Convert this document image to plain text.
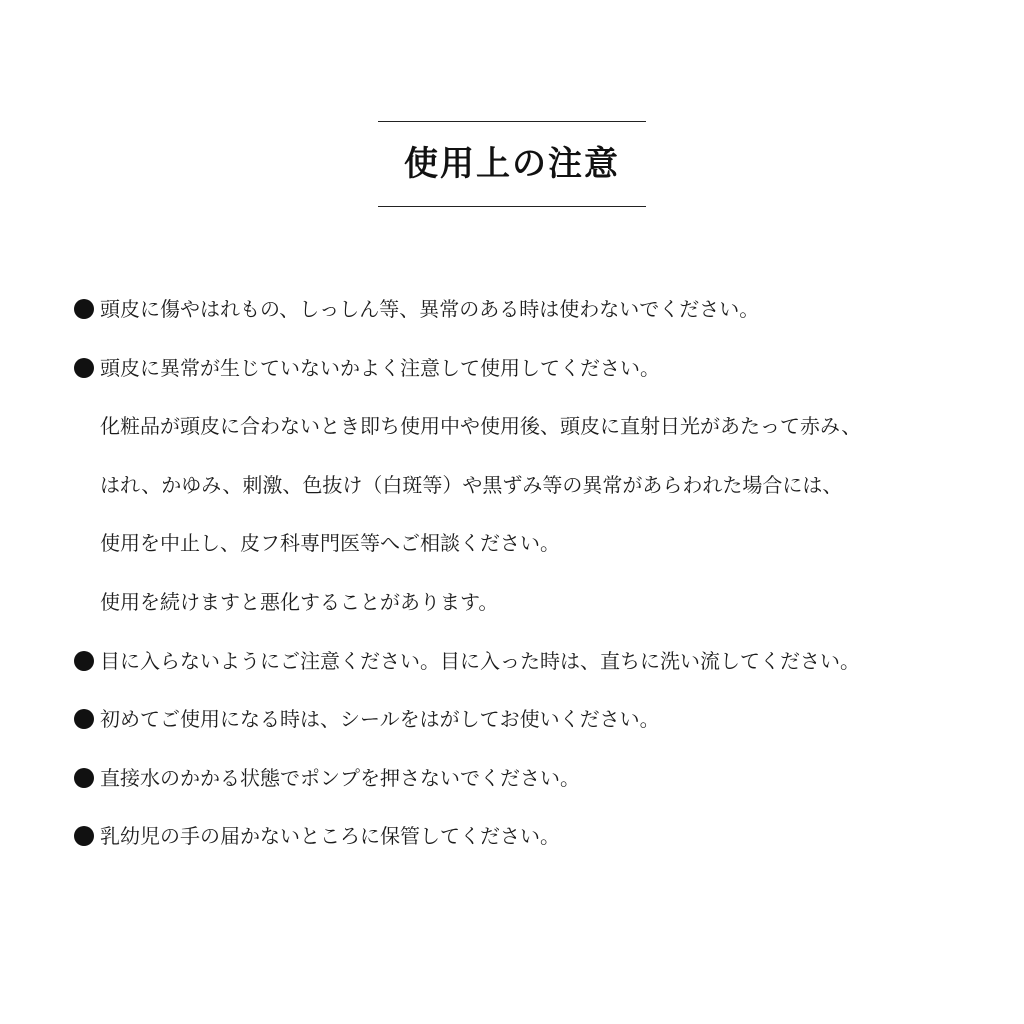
使用上の注意
頭皮に傷やはれもの、しっしん等、異常のある時は使わないでください。
頭皮に異常が生じていないかよく注意して使用してください。
化粧品が頭皮に合わないとき即ち使用中や使用後、頭皮に直射日光があたって赤み、
はれ、かゆみ、刺激、色抜け（白斑等）や黒ずみ等の異常があらわれた場合には、
使用を中止し、皮フ科専門医等へご相談ください。
使用を続けますと悪化することがあります。
目に入らないようにご注意ください。目に入った時は、直ちに洗い流してください。
初めてご使用になる時は、シールをはがしてお使いください。
直接水のかかる状態でポンプを押さないでください。
乳幼児の手の届かないところに保管してください。
